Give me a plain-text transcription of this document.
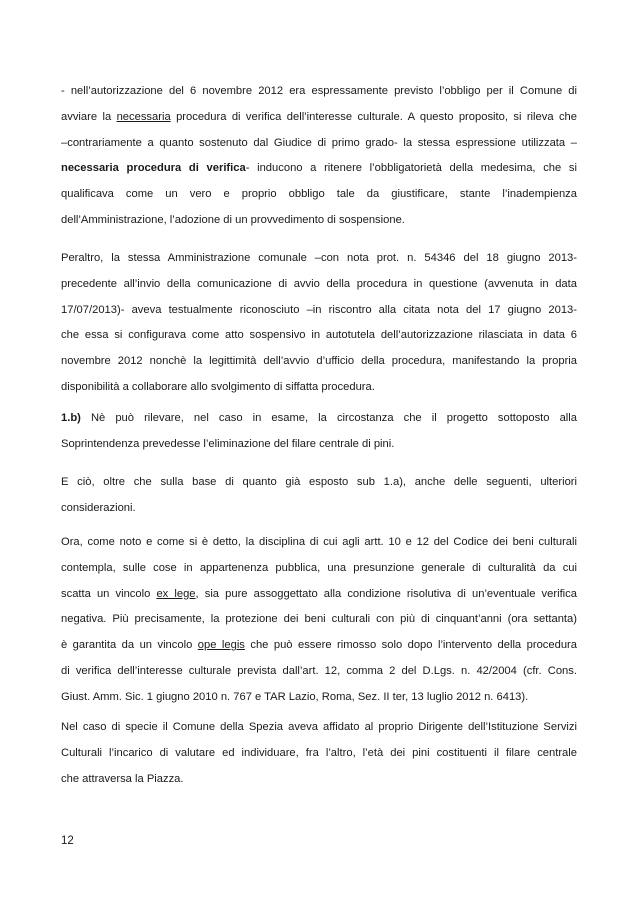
- nell’autorizzazione del 6 novembre 2012 era espressamente previsto l’obbligo per il Comune di
avviare la necessaria procedura di verifica dell’interesse culturale. A questo proposito, si rileva che
–contrariamente a quanto sostenuto dal Giudice di primo grado- la stessa espressione utilizzata –
necessaria procedura di verifica- inducono a ritenere l’obbligatorietà della medesima, che si
qualificava come un vero e proprio obbligo tale da giustificare, stante l’inadempienza
dell’Amministrazione, l’adozione di un provvedimento di sospensione.
Peraltro, la stessa Amministrazione comunale –con nota prot. n. 54346 del 18 giugno 2013-
precedente all’invio della comunicazione di avvio della procedura in questione (avvenuta in data
17/07/2013)- aveva testualmente riconosciuto –in riscontro alla citata nota del 17 giugno 2013-
che essa si configurava come atto sospensivo in autotutela dell’autorizzazione rilasciata in data 6
novembre 2012 nonchè la legittimità dell’avvio d’ufficio della procedura, manifestando la propria
disponibilità a collaborare allo svolgimento di siffatta procedura.
1.b) Nè può rilevare, nel caso in esame, la circostanza che il progetto sottoposto alla
Soprintendenza prevedesse l’eliminazione del filare centrale di pini.
E ciò, oltre che sulla base di quanto già esposto sub 1.a), anche delle seguenti, ulteriori
considerazioni.
Ora, come noto e come si è detto, la disciplina di cui agli artt. 10 e 12 del Codice dei beni culturali
contempla, sulle cose in appartenenza pubblica, una presunzione generale di culturalità da cui
scatta un vincolo ex lege, sia pure assoggettato alla condizione risolutiva di un’eventuale verifica
negativa. Più precisamente, la protezione dei beni culturali con più di cinquant’anni (ora settanta)
è garantita da un vincolo ope legis che può essere rimosso solo dopo l’intervento della procedura
di verifica dell’interesse culturale prevista dall’art. 12, comma 2 del D.Lgs. n. 42/2004 (cfr. Cons.
Giust. Amm. Sic. 1 giugno 2010 n. 767 e TAR Lazio, Roma, Sez. II ter, 13 luglio 2012 n. 6413).
Nel caso di specie il Comune della Spezia aveva affidato al proprio Dirigente dell’Istituzione Servizi
Culturali l’incarico di valutare ed individuare, fra l’altro, l’età dei pini costituenti il filare centrale
che attraversa la Piazza.
12
